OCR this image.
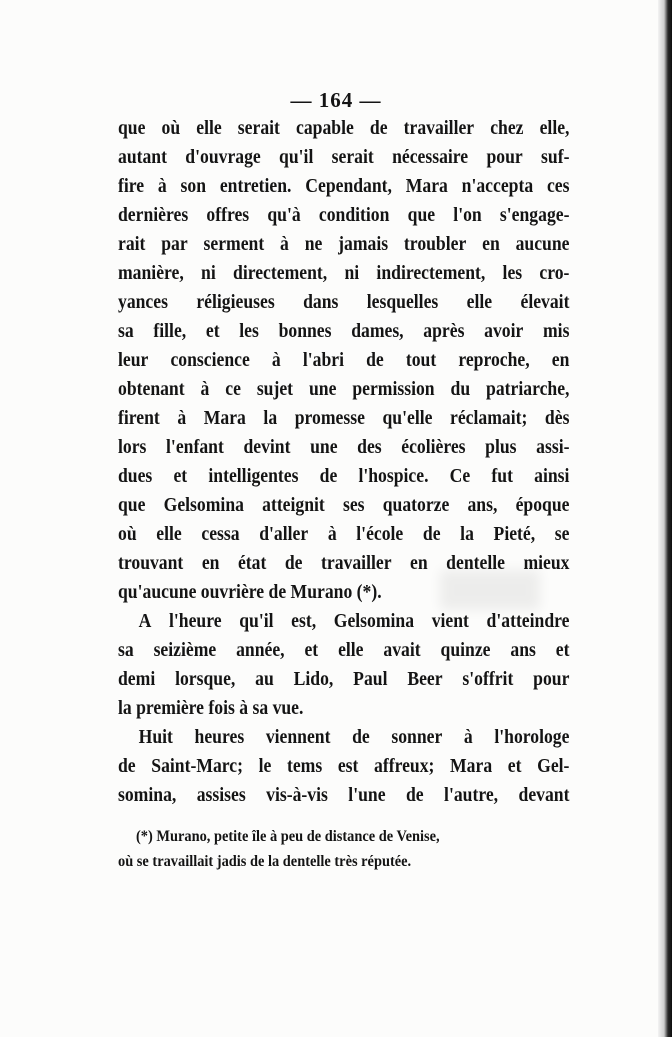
— 164 —
que où elle serait capable de travailler chez elle,
autant d'ouvrage qu'il serait nécessaire pour suf-
fire à son entretien. Cependant, Mara n'accepta ces
dernières offres qu'à condition que l'on s'engage-
rait par serment à ne jamais troubler en aucune
manière, ni directement, ni indirectement, les cro-
yances réligieuses dans lesquelles elle élevait
sa fille, et les bonnes dames, après avoir mis
leur conscience à l'abri de tout reproche, en
obtenant à ce sujet une permission du patriarche,
firent à Mara la promesse qu'elle réclamait; dès
lors l'enfant devint une des écolières plus assi-
dues et intelligentes de l'hospice. Ce fut ainsi
que Gelsomina atteignit ses quatorze ans, époque
où elle cessa d'aller à l'école de la Pieté, se
trouvant en état de travailler en dentelle mieux
qu'aucune ouvrière de Murano (*).
A l'heure qu'il est, Gelsomina vient d'atteindre
sa seizième année, et elle avait quinze ans et
demi lorsque, au Lido, Paul Beer s'offrit pour
la première fois à sa vue.
Huit heures viennent de sonner à l'horologe
de Saint-Marc; le tems est affreux; Mara et Gel-
somina, assises vis-à-vis l'une de l'autre, devant
(*) Murano, petite île à peu de distance de Venise,
où se travaillait jadis de la dentelle très réputée.
